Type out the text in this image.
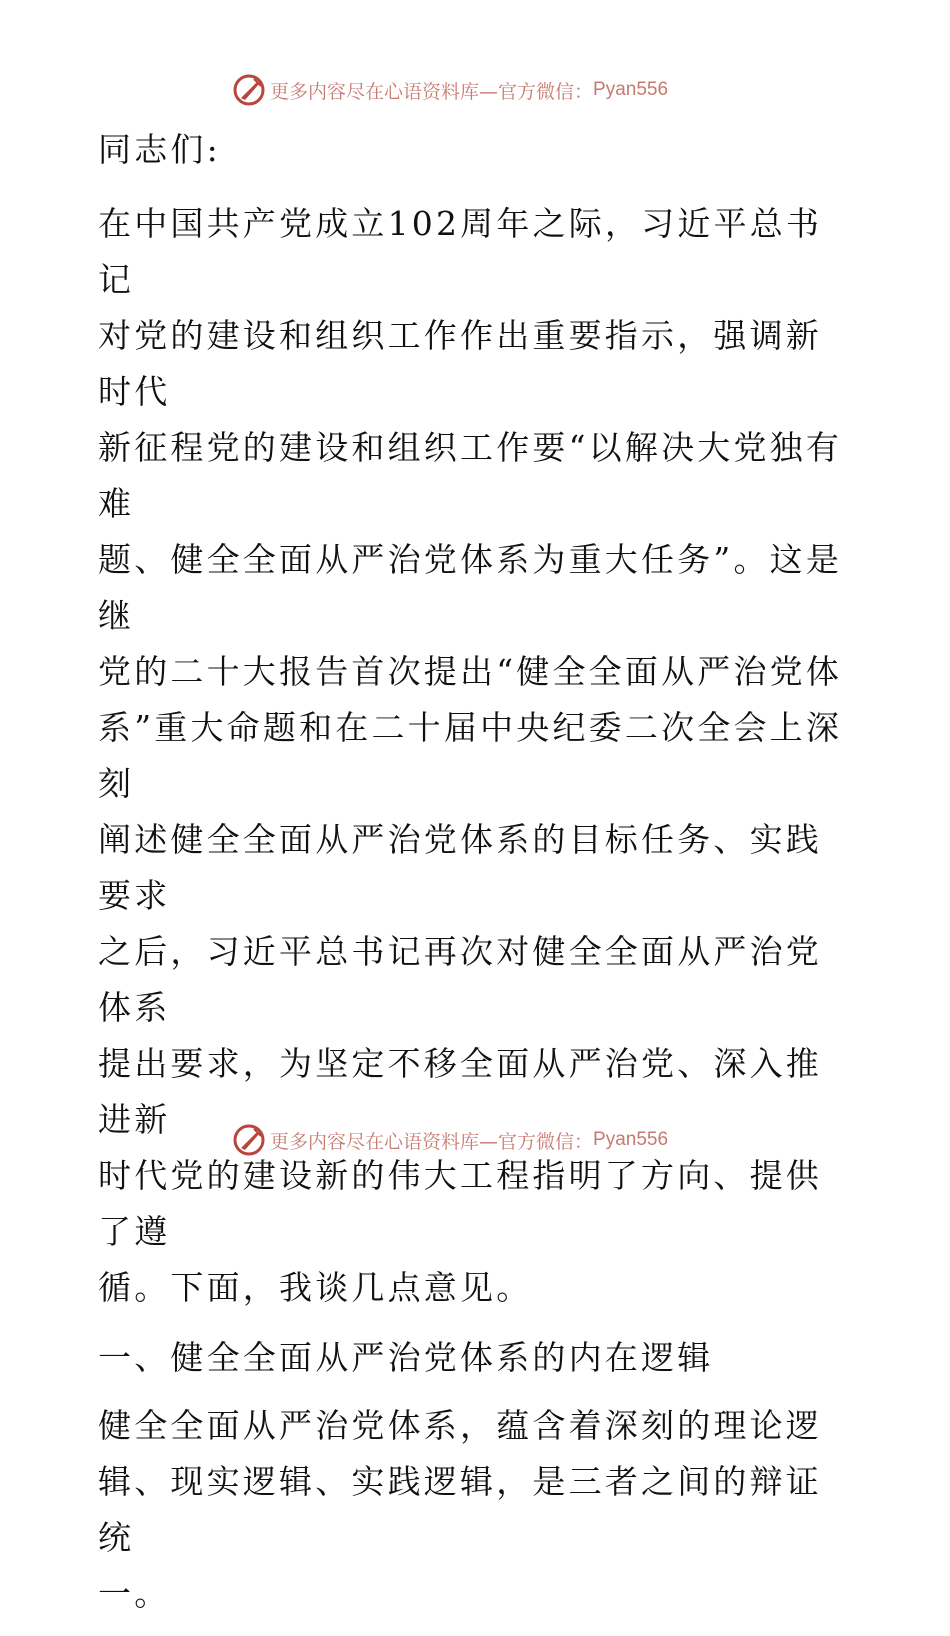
更多内容尽在心语资料库—官方微信： Pyan556

同志们:

在中国共产党成立102周年之际，习近平总书记
对党的建设和组织工作作出重要指示，强调新时代
新征程党的建设和组织工作要“以解决大党独有难
题、健全全面从严治党体系为重大任务”。这是继
党的二十大报告首次提出“健全全面从严治党体
系”重大命题和在二十届中央纪委二次全会上深刻
阐述健全全面从严治党体系的目标任务、实践要求
之后，习近平总书记再次对健全全面从严治党体系
提出要求，为坚定不移全面从严治党、深入推进新
时代党的建设新的伟大工程指明了方向、提供了遵
循。下面，我谈几点意见。

一、健全全面从严治党体系的内在逻辑

健全全面从严治党体系，蕴含着深刻的理论逻
辑、现实逻辑、实践逻辑，是三者之间的辩证统
一。

更多内容尽在心语资料库—官方微信： Pyan556
